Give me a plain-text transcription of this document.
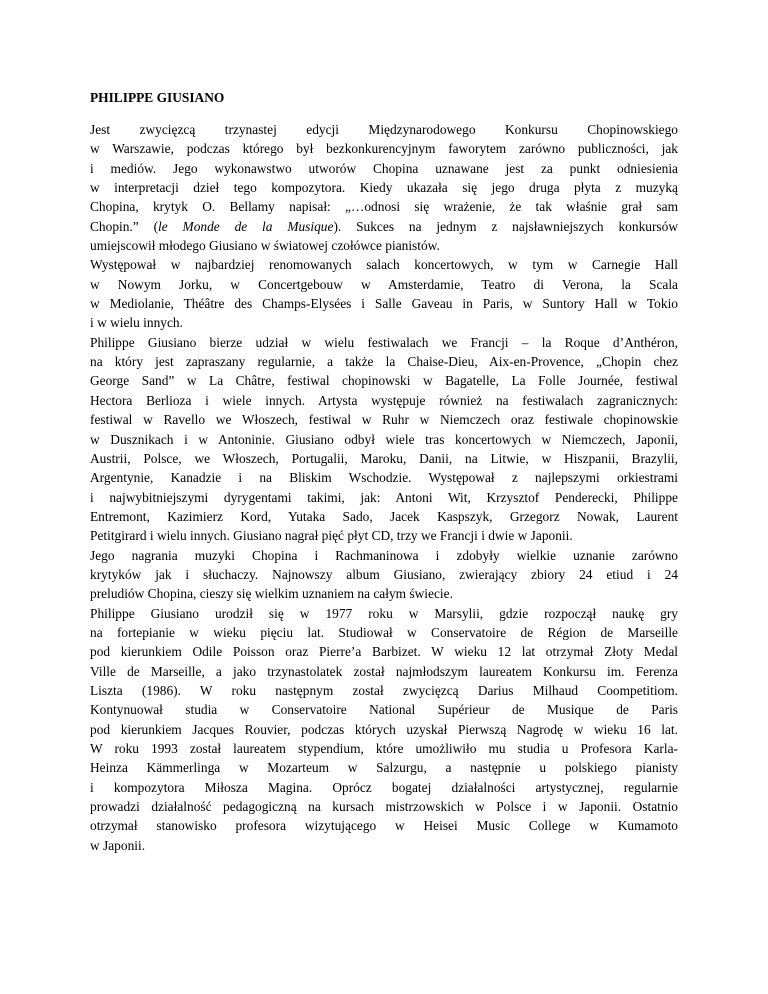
PHILIPPE GIUSIANO
Jest zwycięzcą trzynastej edycji Międzynarodowego Konkursu Chopinowskiego
w Warszawie, podczas którego był bezkonkurencyjnym faworytem zarówno publiczności, jak
i mediów. Jego wykonawstwo utworów Chopina uznawane jest za punkt odniesienia
w interpretacji dzieł tego kompozytora. Kiedy ukazała się jego druga płyta z muzyką
Chopina, krytyk O. Bellamy napisał: „…odnosi się wrażenie, że tak właśnie grał sam
Chopin.” (le Monde de la Musique). Sukces na jednym z najsławniejszych konkursów
umiejscowił młodego Giusiano w światowej czołówce pianistów.
Występował w najbardziej renomowanych salach koncertowych, w tym w Carnegie Hall
w Nowym Jorku, w Concertgebouw w Amsterdamie, Teatro di Verona, la Scala
w Mediolanie, Théâtre des Champs-Elysées i Salle Gaveau in Paris, w Suntory Hall w Tokio
i w wielu innych.
Philippe Giusiano bierze udział w wielu festiwalach we Francji – la Roque d’Anthéron,
na który jest zapraszany regularnie, a także la Chaise-Dieu, Aix-en-Provence, „Chopin chez
George Sand” w La Châtre, festiwal chopinowski w Bagatelle, La Folle Journée, festiwal
Hectora Berlioza i wiele innych. Artysta występuje również na festiwalach zagranicznych:
festiwal w Ravello we Włoszech, festiwal w Ruhr w Niemczech oraz festiwale chopinowskie
w Dusznikach i w Antoninie. Giusiano odbył wiele tras koncertowych w Niemczech, Japonii,
Austrii, Polsce, we Włoszech, Portugalii, Maroku, Danii, na Litwie, w Hiszpanii, Brazylii,
Argentynie, Kanadzie i na Bliskim Wschodzie. Występował z najlepszymi orkiestrami
i najwybitniejszymi dyrygentami takimi, jak: Antoni Wit, Krzysztof Penderecki, Philippe
Entremont, Kazimierz Kord, Yutaka Sado, Jacek Kaspszyk, Grzegorz Nowak, Laurent
Petitgirard i wielu innych. Giusiano nagrał pięć płyt CD, trzy we Francji i dwie w Japonii.
Jego nagrania muzyki Chopina i Rachmaninowa i zdobyły wielkie uznanie zarówno
krytyków jak i słuchaczy. Najnowszy album Giusiano, zwierający zbiory 24 etiud i 24
preludiów Chopina, cieszy się wielkim uznaniem na całym świecie.
Philippe Giusiano urodził się w 1977 roku w Marsylii, gdzie rozpoczął naukę gry
na fortepianie w wieku pięciu lat. Studiował w Conservatoire de Région de Marseille
pod kierunkiem Odile Poisson oraz Pierre’a Barbizet. W wieku 12 lat otrzymał Złoty Medal
Ville de Marseille, a jako trzynastolatek został najmłodszym laureatem Konkursu im. Ferenza
Liszta (1986). W roku następnym został zwycięzcą Darius Milhaud Coompetitiom.
Kontynuował studia w Conservatoire National Supérieur de Musique de Paris
pod kierunkiem Jacques Rouvier, podczas których uzyskał Pierwszą Nagrodę w wieku 16 lat.
W roku 1993 został laureatem stypendium, które umożliwiło mu studia u Profesora Karla-
Heinza Kämmerlinga w Mozarteum w Salzurgu, a następnie u polskiego pianisty
i kompozytora Miłosza Magina. Oprócz bogatej działalności artystycznej, regularnie
prowadzi działalność pedagogiczną na kursach mistrzowskich w Polsce i w Japonii. Ostatnio
otrzymał stanowisko profesora wizytującego w Heisei Music College w Kumamoto
w Japonii.
